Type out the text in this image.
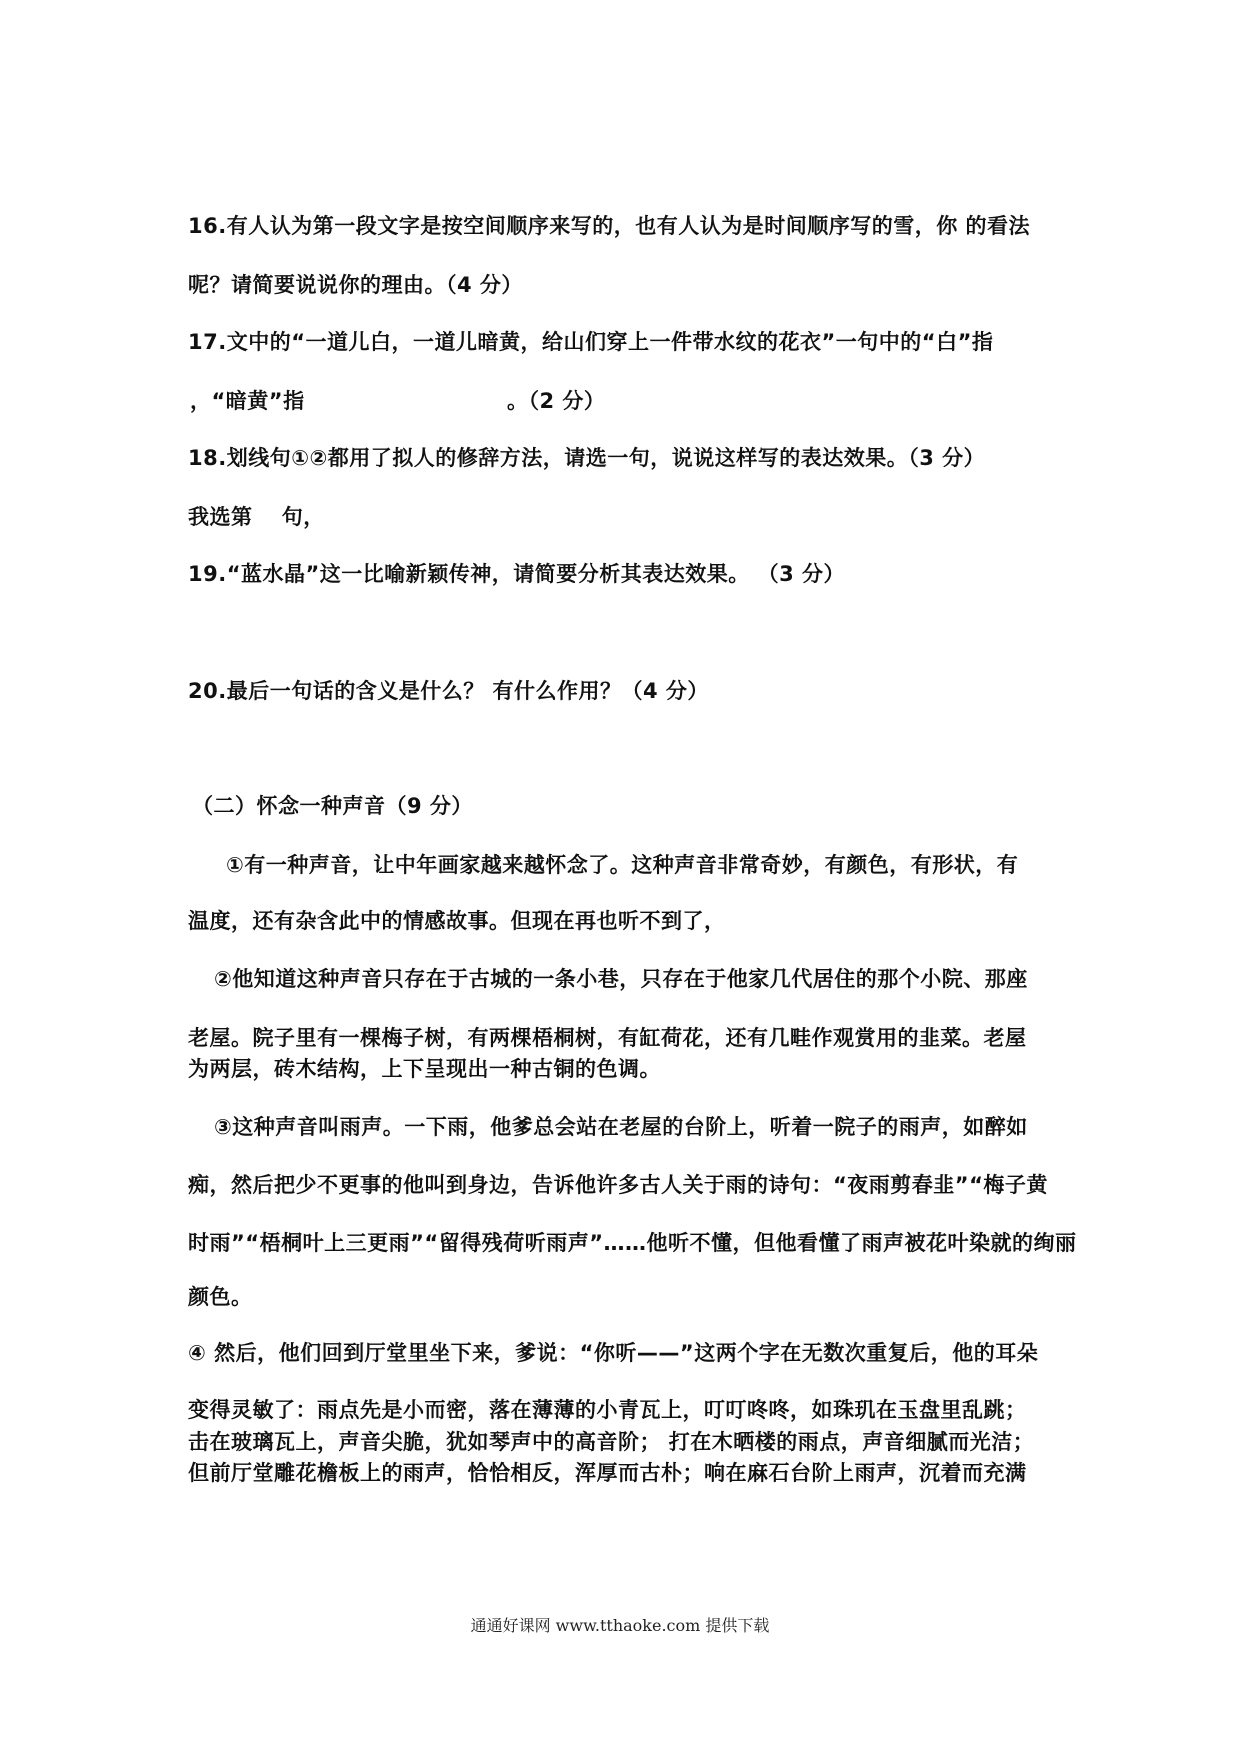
16.有人认为第一段文字是按空间顺序来写的，也有人认为是时间顺序写的雪，你 的看法
呢？请简要说说你的理由。（4 分）
17.文中的“一道儿白，一道儿暗黄，给山们穿上一件带水纹的花衣”一句中的“白”指
，“暗黄”指	。（2 分）
18.划线句①②都用了拟人的修辞方法，请选一句，说说这样写的表达效果。（3 分）
我选第　 句，
19.“蓝水晶”这一比喻新颖传神，请简要分析其表达效果。 （3 分）
20.最后一句话的含义是什么？ 有什么作用？（4 分）
（二）怀念一种声音（9 分）
①有一种声音，让中年画家越来越怀念了。这种声音非常奇妙，有颜色，有形状，有
温度，还有杂含此中的情感故事。但现在再也听不到了，
②他知道这种声音只存在于古城的一条小巷，只存在于他家几代居住的那个小院、那座
老屋。院子里有一棵梅子树，有两棵梧桐树，有缸荷花，还有几畦作观赏用的韭菜。老屋
为两层，砖木结构，上下呈现出一种古铜的色调。
③这种声音叫雨声。一下雨，他爹总会站在老屋的台阶上，听着一院子的雨声，如醉如
痴，然后把少不更事的他叫到身边，告诉他许多古人关于雨的诗句：“夜雨剪春韭”“梅子黄
时雨”“梧桐叶上三更雨”“留得残荷听雨声”……他听不懂，但他看懂了雨声被花叶染就的绚丽
颜色。
④ 然后，他们回到厅堂里坐下来，爹说：“你听——”这两个字在无数次重复后，他的耳朵
变得灵敏了：雨点先是小而密，落在薄薄的小青瓦上，叮叮咚咚，如珠玑在玉盘里乱跳；
击在玻璃瓦上，声音尖脆，犹如琴声中的高音阶； 打在木晒楼的雨点，声音细腻而光洁；
但前厅堂雕花檐板上的雨声，恰恰相反，浑厚而古朴；响在麻石台阶上雨声，沉着而充满
通通好课网 www.tthaoke.com 提供下载
